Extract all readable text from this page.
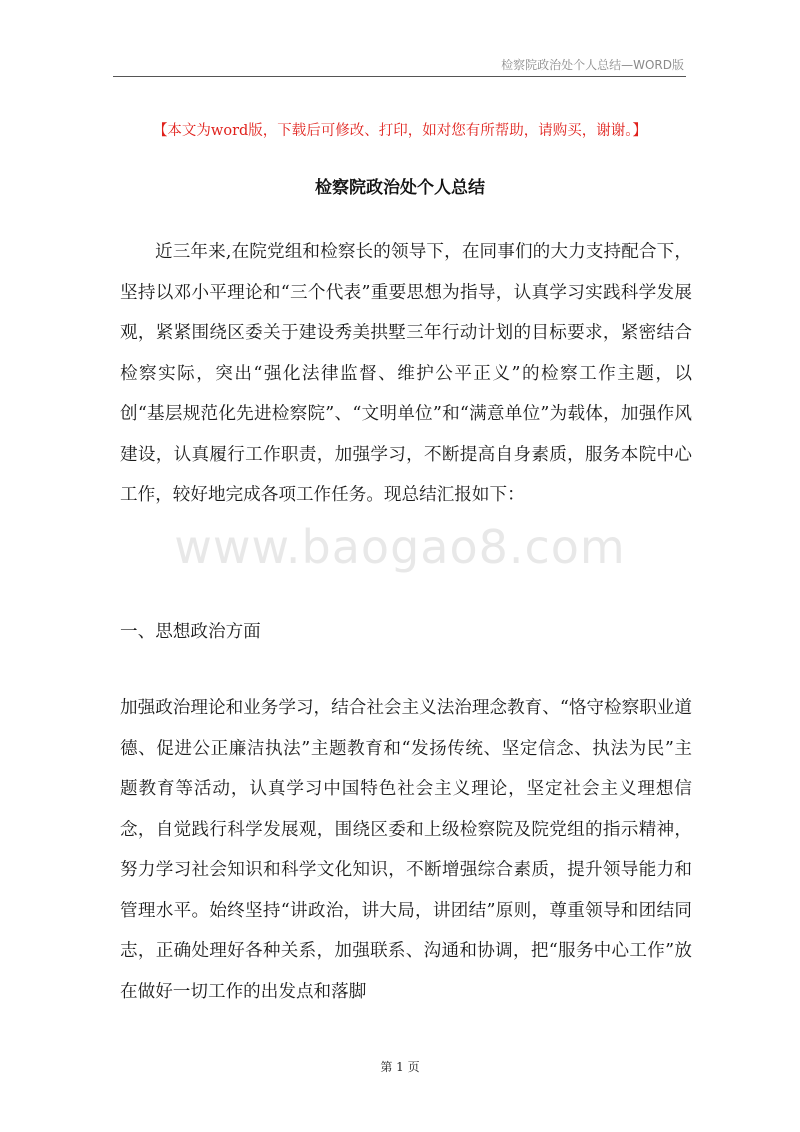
检察院政治处个人总结—WORD版
【本文为word版，下载后可修改、打印，如对您有所帮助，请购买，谢谢。】
检察院政治处个人总结

近三年来,在院党组和检察长的领导下，在同事们的大力支持配合下，坚持以邓小平理论和“三个代表”重要思想为指导，认真学习实践科学发展观，紧紧围绕区委关于建设秀美拱墅三年行动计划的目标要求，紧密结合检察实际，突出“强化法律监督、维护公平正义”的检察工作主题，以创“基层规范化先进检察院”、“文明单位”和“满意单位”为载体，加强作风建设，认真履行工作职责，加强学习，不断提高自身素质，服务本院中心工作，较好地完成各项工作任务。现总结汇报如下：

www.baogao8.com

一、思想政治方面

加强政治理论和业务学习，结合社会主义法治理念教育、“恪守检察职业道德、促进公正廉洁执法”主题教育和“发扬传统、坚定信念、执法为民”主题教育等活动，认真学习中国特色社会主义理论，坚定社会主义理想信念，自觉践行科学发展观，围绕区委和上级检察院及院党组的指示精神，努力学习社会知识和科学文化知识，不断增强综合素质，提升领导能力和管理水平。始终坚持“讲政治，讲大局，讲团结”原则，尊重领导和团结同志，正确处理好各种关系，加强联系、沟通和协调，把“服务中心工作”放在做好一切工作的出发点和落脚

第 1 页
